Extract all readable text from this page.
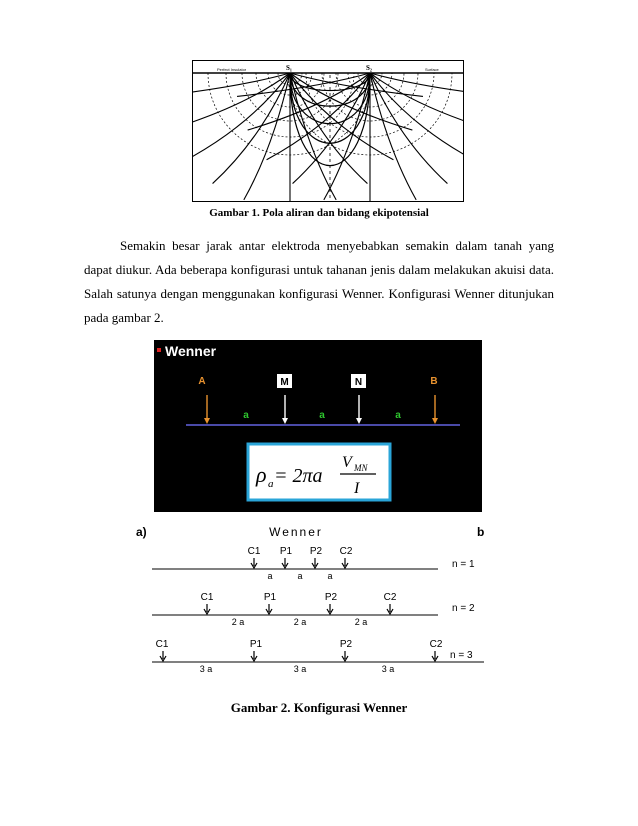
Perfect Insulator	Surface
S₁	S₂
Gambar 1. Pola aliran dan bidang ekipotensial

Semakin besar jarak antar elektroda menyebabkan semakin dalam tanah yang dapat diukur. Ada beberapa konfigurasi untuk tahanan jenis dalam melakukan akuisi data. Salah satunya dengan menggunakan konfigurasi Wenner. Konfigurasi Wenner ditunjukan pada gambar 2.

Wenner
A	M	N	B
a	a	a
ρ a = 2πa
V MN
I
a)	b
Wenner
C1 P1 P2 C2
a	a	a
n = 1
C1	P1	P2	C2
2 a	2 a	2 a
n = 2
C1	P1	P2	C2
3 a	3 a	3 a
n = 3
Gambar 2. Konfigurasi Wenner
